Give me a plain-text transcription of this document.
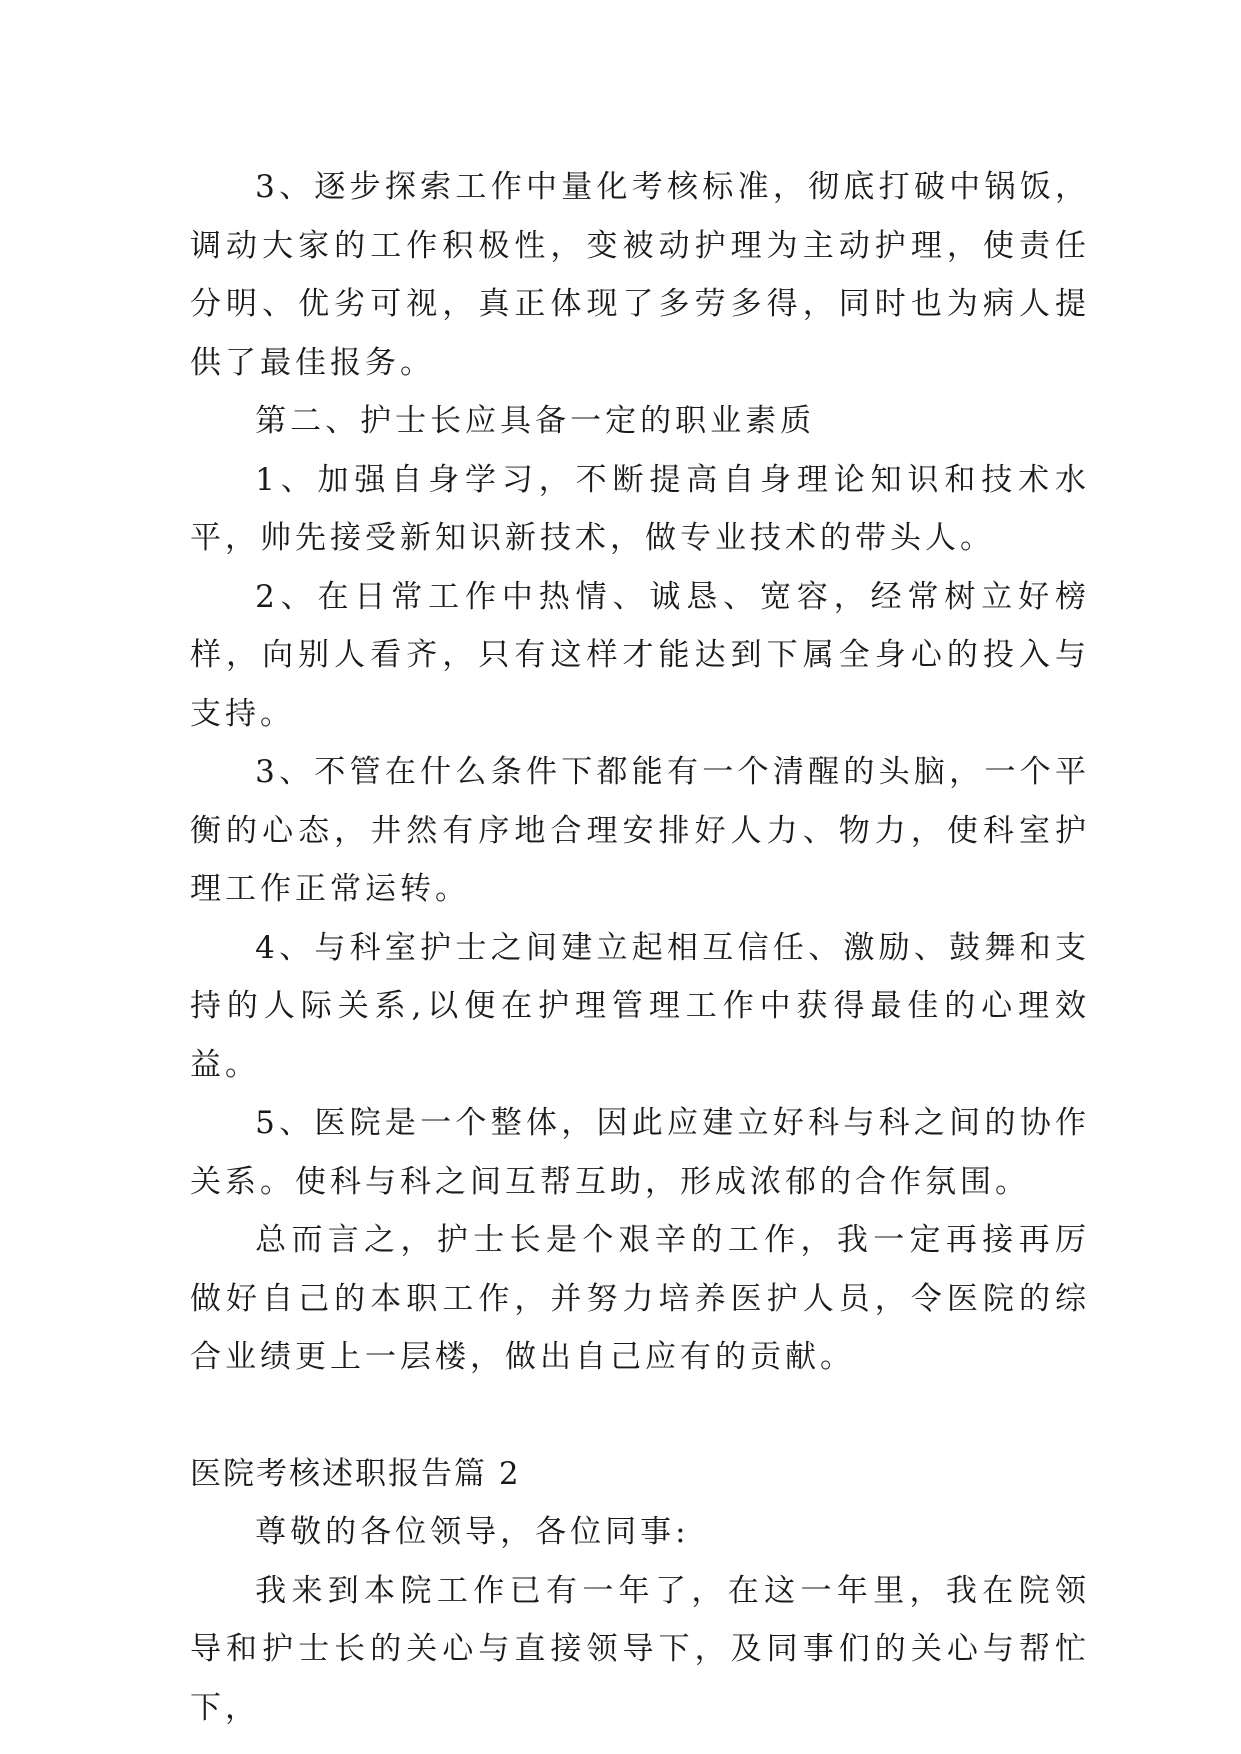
3、逐步探索工作中量化考核标准，彻底打破中锅饭，调动大家的工作积极性，变被动护理为主动护理，使责任分明、优劣可视，真正体现了多劳多得，同时也为病人提供了最佳报务。

第二、护士长应具备一定的职业素质

1、加强自身学习，不断提高自身理论知识和技术水平，帅先接受新知识新技术，做专业技术的带头人。

2、在日常工作中热情、诚恳、宽容，经常树立好榜样，向别人看齐，只有这样才能达到下属全身心的投入与支持。

3、不管在什么条件下都能有一个清醒的头脑，一个平衡的心态，井然有序地合理安排好人力、物力，使科室护理工作正常运转。

4、与科室护士之间建立起相互信任、激励、鼓舞和支持的人际关系,以便在护理管理工作中获得最佳的心理效益。

5、医院是一个整体，因此应建立好科与科之间的协作关系。使科与科之间互帮互助，形成浓郁的合作氛围。

总而言之，护士长是个艰辛的工作，我一定再接再厉做好自己的本职工作，并努力培养医护人员，令医院的综合业绩更上一层楼，做出自己应有的贡献。

医院考核述职报告篇 2

尊敬的各位领导，各位同事:

我来到本院工作已有一年了，在这一年里，我在院领导和护士长的关心与直接领导下，及同事们的关心与帮忙下，
